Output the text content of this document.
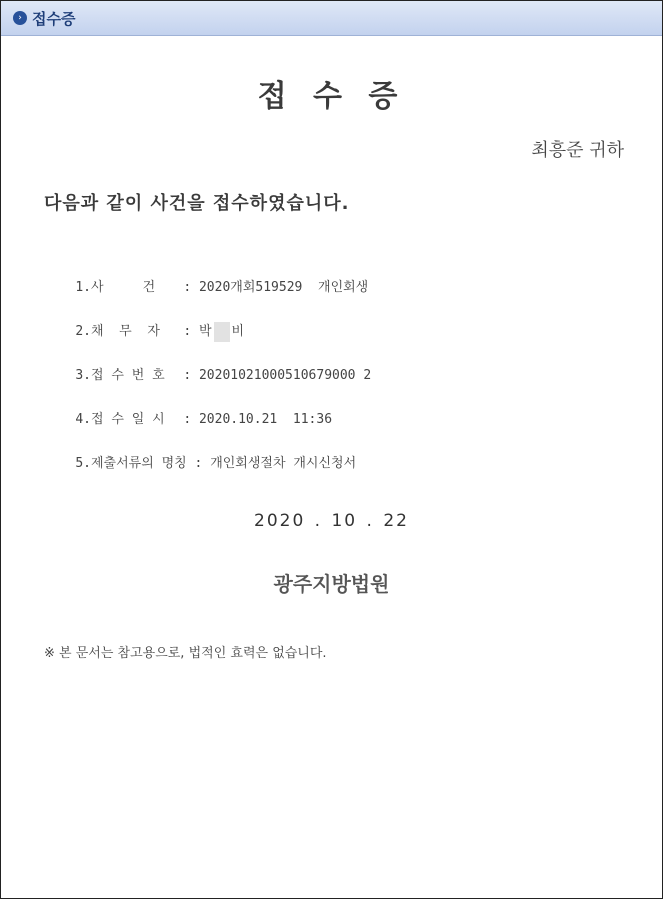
› 접수증
접 수 증
최흥준 귀하
다음과 같이 사건을 접수하였습니다.

1.사     건 : 2020개회519529  개인회생

2.채  무  자 : 박 비

3.접 수 번 호 : 20201021000510679000 2

4.접 수 일 시 : 2020.10.21  11:36

5.제출서류의 명칭 : 개인회생절차 개시신청서

2020 . 10 . 22
광주지방법원
※ 본 문서는 참고용으로, 법적인 효력은 없습니다.
